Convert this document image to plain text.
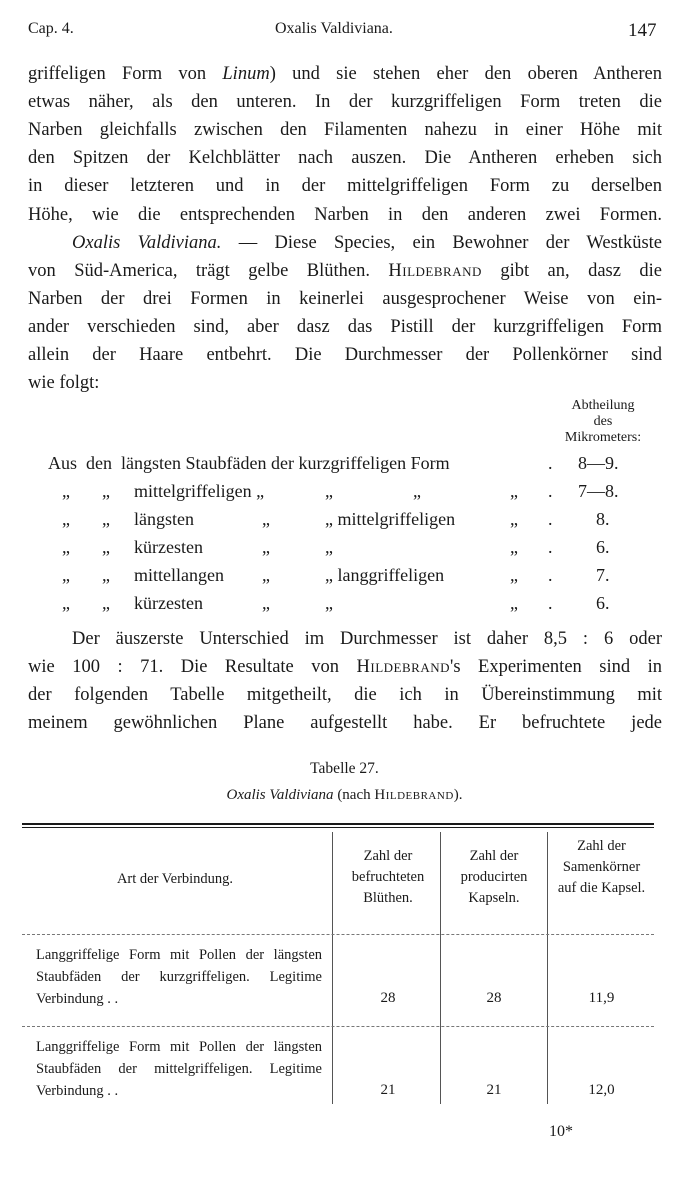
Cap. 4.	Oxalis Valdiviana.	147
griffeligen Form von Linum) und sie stehen eher den oberen Antheren
etwas näher, als den unteren. In der kurzgriffeligen Form treten die
Narben gleichfalls zwischen den Filamenten nahezu in einer Höhe mit
den Spitzen der Kelchblätter nach auszen. Die Antheren erheben sich
in dieser letzteren und in der mittelgriffeligen Form zu derselben
Höhe, wie die entsprechenden Narben in den anderen zwei Formen.
Oxalis Valdiviana. — Diese Species, ein Bewohner der Westküste
von Süd-America, trägt gelbe Blüthen. Hildebrand gibt an, dasz die
Narben der drei Formen in keinerlei ausgesprochener Weise von ein-
ander verschieden sind, aber dasz das Pistill der kurzgriffeligen Form
allein der Haare entbehrt. Die Durchmesser der Pollenkörner sind
wie folgt:
Abtheilung
des
Mikrometers:
Aus den längsten Staubfäden der kurzgriffeligen Form	. 8—9.
„ „ mittelgriffeligen „	„	„	„ . 7—8.
„ „ längsten	„	„ mittelgriffeligen	„ . 8.
„ „ kürzesten	„	„	„ . 6.
„ „ mittellangen „	„ langgriffeligen	„ . 7.
„ „ kürzesten	„	„	„ . 6.
Der äuszerste Unterschied im Durchmesser ist daher 8,5 : 6 oder
wie 100 : 71. Die Resultate von Hildebrand's Experimenten sind in
der folgenden Tabelle mitgetheilt, die ich in Übereinstimmung mit
meinem gewöhnlichen Plane aufgestellt habe. Er befruchtete jede
Tabelle 27.
Oxalis Valdiviana (nach Hildebrand).
Art der Verbindung.
Zahl der befruchteten Blüthen.
Zahl der producirten Kapseln.
Zahl der Samenkörner auf die Kapsel.
Langgriffelige Form mit Pollen der längsten Staubfäden der kurzgriffeligen. Legitime Verbindung . .	28	28	11,9
Langgriffelige Form mit Pollen der längsten Staubfäden der mittelgriffeligen. Legitime Verbindung . .	21	21	12,0
10*
